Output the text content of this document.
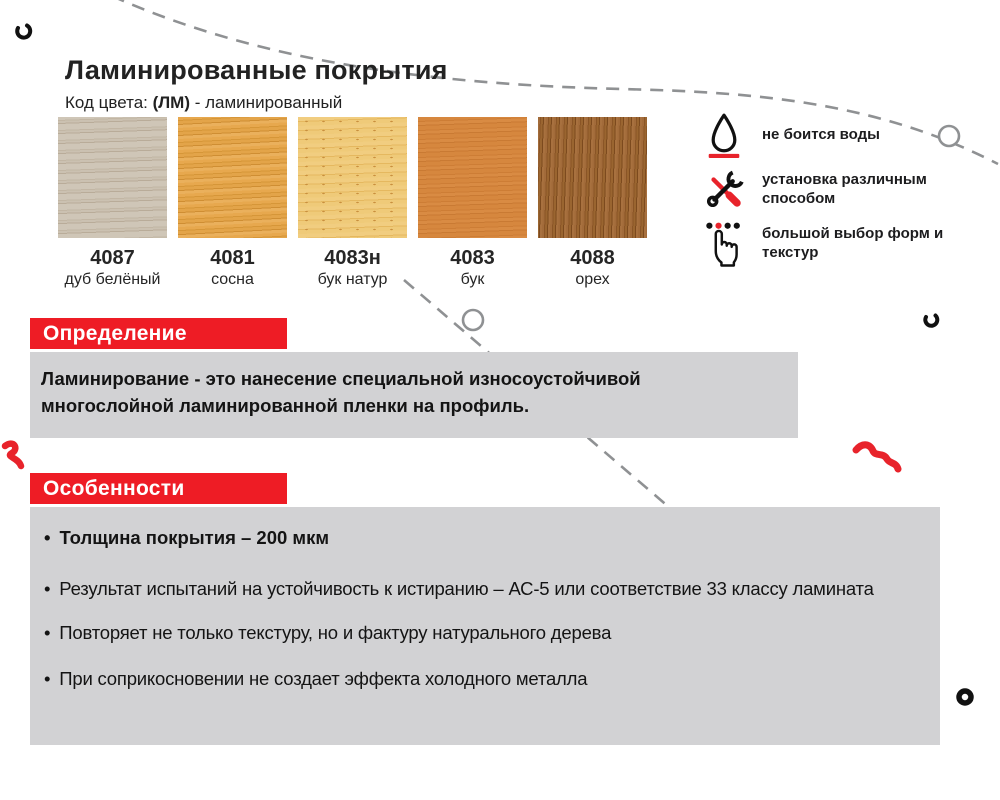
Ламинированные покрытия
Код цвета: (ЛМ) - ламинированный
4087
дуб белёный
4081
сосна
4083н
бук натур
4083
бук
4088
орех
не боится воды
установка различным способом
большой выбор форм и текстур
Определение

Ламинирование - это нанесение специальной износоустойчивой многослойной ламинированной пленки на профиль.

Особенности
• Толщина покрытия – 200 мкм
• Результат испытаний на устойчивость к истиранию – АС-5 или соответствие 33 классу ламината
• Повторяет не только текстуру, но и фактуру натурального дерева
• При соприкосновении не создает эффекта холодного металла
